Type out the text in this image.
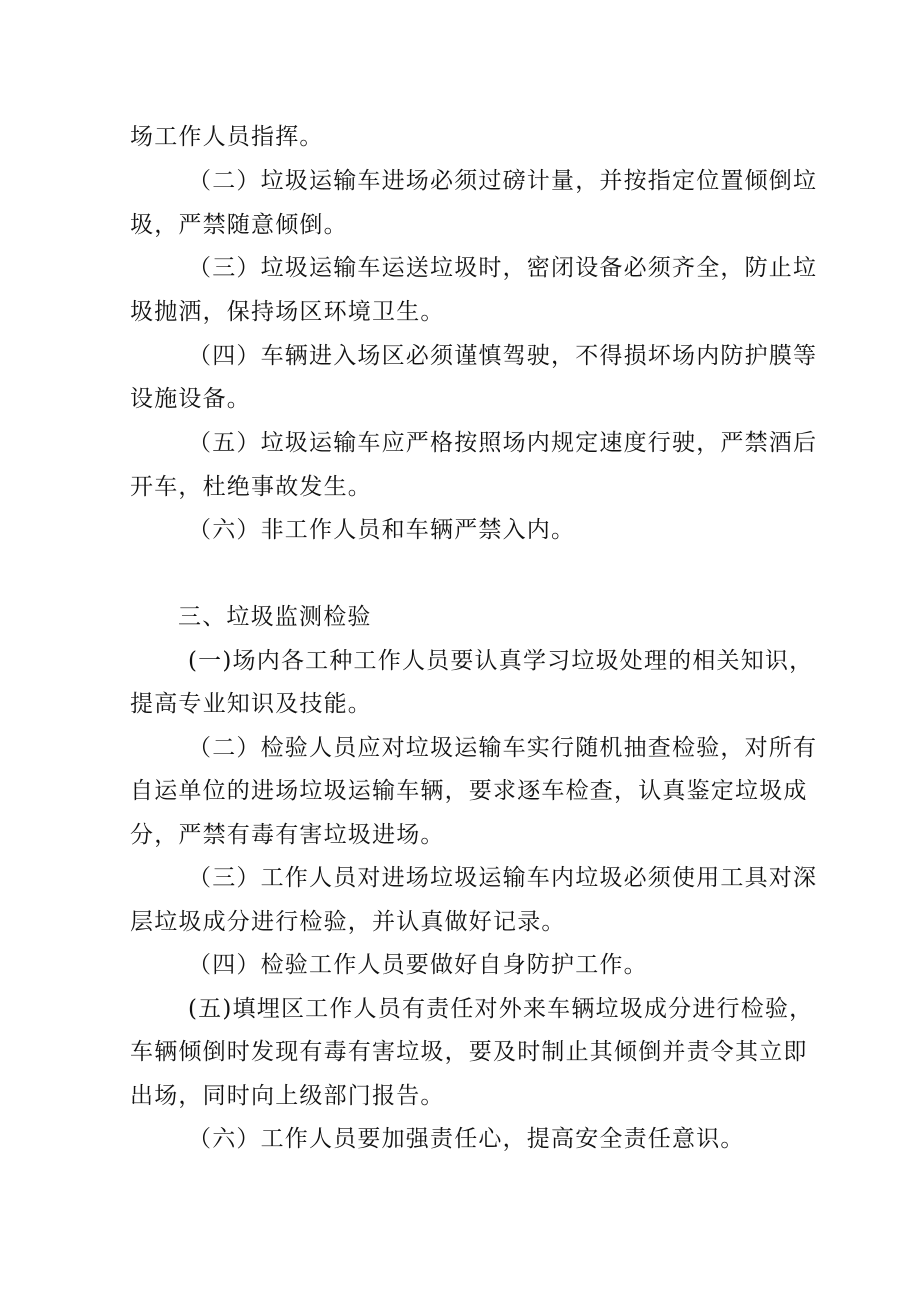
场工作人员指挥。

（二）垃圾运输车进场必须过磅计量，并按指定位置倾倒垃

圾，严禁随意倾倒。

（三）垃圾运输车运送垃圾时，密闭设备必须齐全，防止垃

圾抛洒，保持场区环境卫生。

（四）车辆进入场区必须谨慎驾驶，不得损坏场内防护膜等

设施设备。

（五）垃圾运输车应严格按照场内规定速度行驶，严禁酒后

开车，杜绝事故发生。

（六）非工作人员和车辆严禁入内。

三、垃圾监测检验

(一)场内各工种工作人员要认真学习垃圾处理的相关知识，

提高专业知识及技能。

（二）检验人员应对垃圾运输车实行随机抽查检验，对所有

自运单位的进场垃圾运输车辆，要求逐车检查，认真鉴定垃圾成

分，严禁有毒有害垃圾进场。

（三）工作人员对进场垃圾运输车内垃圾必须使用工具对深

层垃圾成分进行检验，并认真做好记录。

（四）检验工作人员要做好自身防护工作。

(五)填埋区工作人员有责任对外来车辆垃圾成分进行检验，

车辆倾倒时发现有毒有害垃圾，要及时制止其倾倒并责令其立即

出场，同时向上级部门报告。

（六）工作人员要加强责任心，提高安全责任意识。
